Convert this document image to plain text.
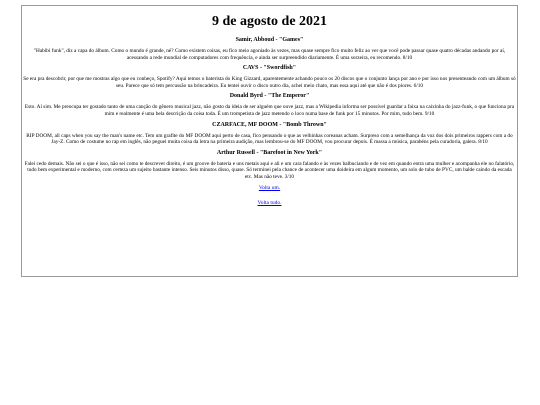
9 de agosto de 2021
Samir, Abboud - "Games"

"Habibi funk", diz a capa do álbum. Como o mundo é grande, né? Como existem coisas, eu fico meio agoniado às vezes, mas quase sempre fico muito feliz ao ver que você pode passar quase quatro décadas andando por aí, acessando a rede mundial de computadores com frequência, e ainda ser surpreendido diariamente. É uma sorzeira, eu recomendo. 8/10

CAVS - "Swordfish"

Se era pra descobrir, por que me mostras algo que eu conheço, Spotify? Aqui temos o baterista do King Gizzard, aparentemente achando pouco os 20 discos que o conjunto lança por ano e por isso nos presenteando com um álbum só seu. Parece que só tem percussão na brincadeira. Eu tentei ouvir o disco outro dia, achei meio chato, mas essa aqui até que não é dos piores. 6/10

Donald Byrd - "The Emperor"

Esto. Aí sim. Me preocupa ter gostado tanto de uma canção do gênero musical jazz, não gosto da ideia de ser alguém que ouve jazz, mas a Wikipedia informa ser possível guardar a faixa na caixinha do jazz-funk, o que funciona pra mim e realmente é uma bela descrição da coisa toda. É um trompetista de jazz metendo o loco numa base de funk por 15 minutos. Por mim, tudo bem. 9/10

CZARFACE, MF DOOM - "Bomb Thrown"

RIP DOOM, all caps when you say the man's name etc. Tem um grafite do MF DOOM aqui perto de casa, fico pensando o que as velhinhas coreanas acham. Surpreso com a semelhança da voz dos dois primeiros rappers com a do Jay-Z. Como de costume no rap em inglês, não peguei muita coisa da letra na primeira audição, mas lembrou-se do MF DOOM, vou procurar depois. É massa a música, parabéns pela curadoria, galera. 8/10

Arthur Russell - "Barefoot in New York"

Falei cedo demais. Não sei o que é isso, não sei como te descrever direito, é um groove de bateria e uns metais aqui e ali e um cara falando e às vezes balbuciando e de vez em quando entra uma mulher e acompanha ele no falatório, tudo bem experimental e moderno, com certeza um sujeito bastante intenso. Seis minutos disso, quase. Só terminei pela chance de acontecer uma doideira em algum momento, um solo de tubo de PVC, um balde caindo da escada etc. Mas não teve. 3/10

Volta um.
Volta tudo.
